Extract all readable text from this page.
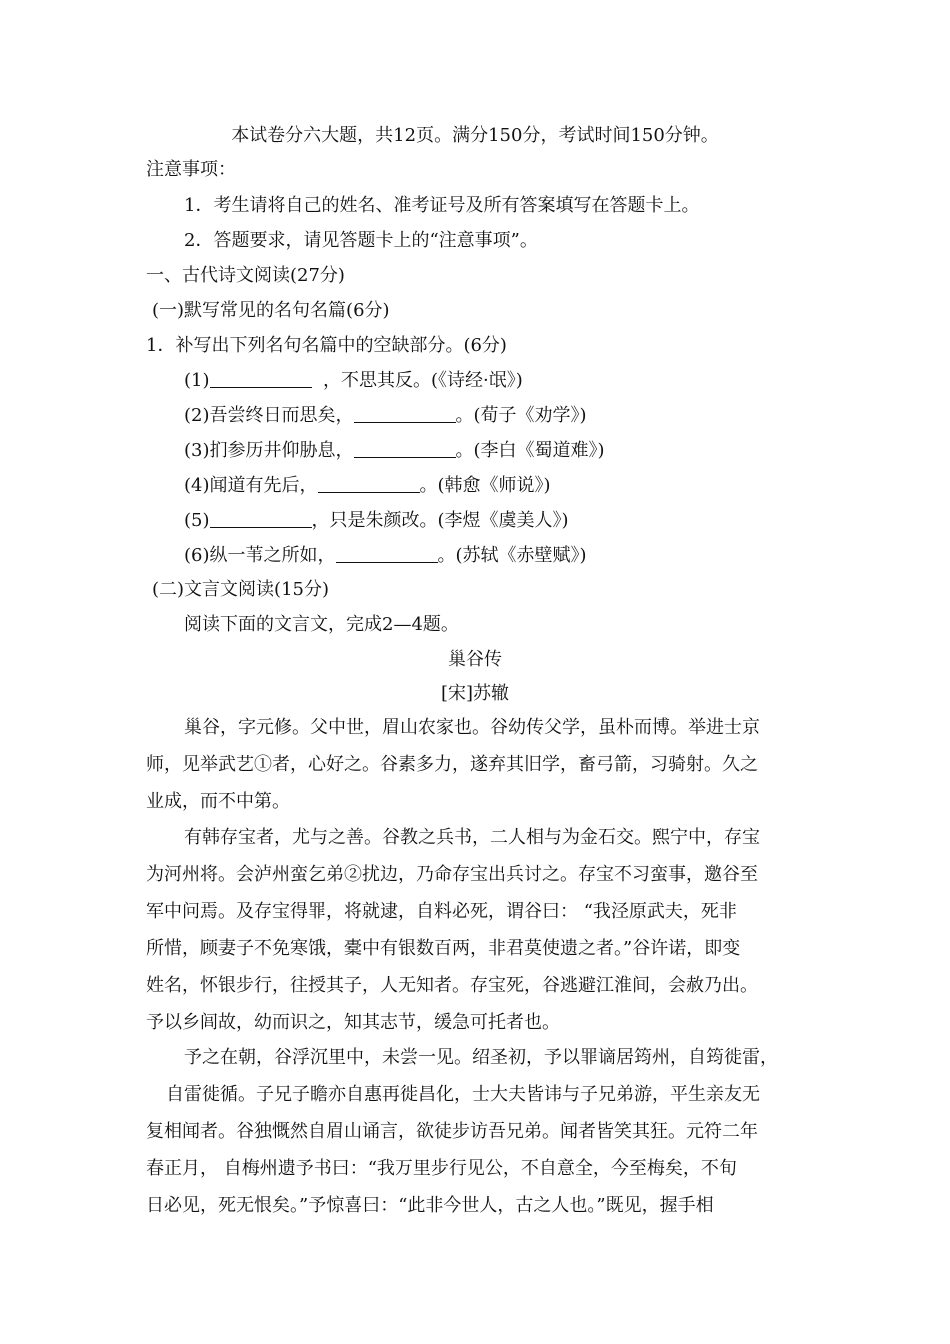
本试卷分六大题，共12页。满分150分，考试时间150分钟。
注意事项：
1．考生请将自己的姓名、准考证号及所有答案填写在答题卡上。
2．答题要求，请见答题卡上的“注意事项”。
一、古代诗文阅读(27分)
(一)默写常见的名句名篇(6分)
1．补写出下列名句名篇中的空缺部分。(6分)
(1)	，不思其反。(《诗经·氓》)
(2)吾尝终日而思矣，	。(荀子《劝学》)
(3)扪参历井仰胁息，	。(李白《蜀道难》)
(4)闻道有先后，	。(韩愈《师说》)
(5)	，只是朱颜改。(李煜《虞美人》)
(6)纵一苇之所如，	。(苏轼《赤壁赋》)
(二)文言文阅读(15分)
阅读下面的文言文，完成2—4题。
巢谷传
[宋]苏辙
巢谷，字元修。父中世，眉山农家也。谷幼传父学，虽朴而博。举进士京
师，见举武艺①者，心好之。谷素多力，遂弃其旧学，畜弓箭，习骑射。久之
业成，而不中第。
有韩存宝者，尤与之善。谷教之兵书，二人相与为金石交。熙宁中，存宝
为河州将。会泸州蛮乞弟②扰边，乃命存宝出兵讨之。存宝不习蛮事，邀谷至
军中问焉。及存宝得罪，将就逮，自料必死，谓谷曰： “我泾原武夫，死非
所惜，顾妻子不免寒饿，橐中有银数百两，非君莫使遗之者。”谷许诺，即变
姓名，怀银步行，往授其子，人无知者。存宝死，谷逃避江淮间，会赦乃出。
予以乡闾故，幼而识之，知其志节，缓急可托者也。
予之在朝，谷浮沉里中，未尝一见。绍圣初，予以罪谪居筠州，自筠徙雷，
自雷徙循。子兄子瞻亦自惠再徙昌化，士大夫皆讳与子兄弟游，平生亲友无
复相闻者。谷独慨然自眉山诵言，欲徒步访吾兄弟。闻者皆笑其狂。元符二年
春正月， 自梅州遗予书曰：“我万里步行见公，不自意全，今至梅矣，不旬
日必见，死无恨矣。”予惊喜曰：“此非今世人，古之人也。”既见，握手相
